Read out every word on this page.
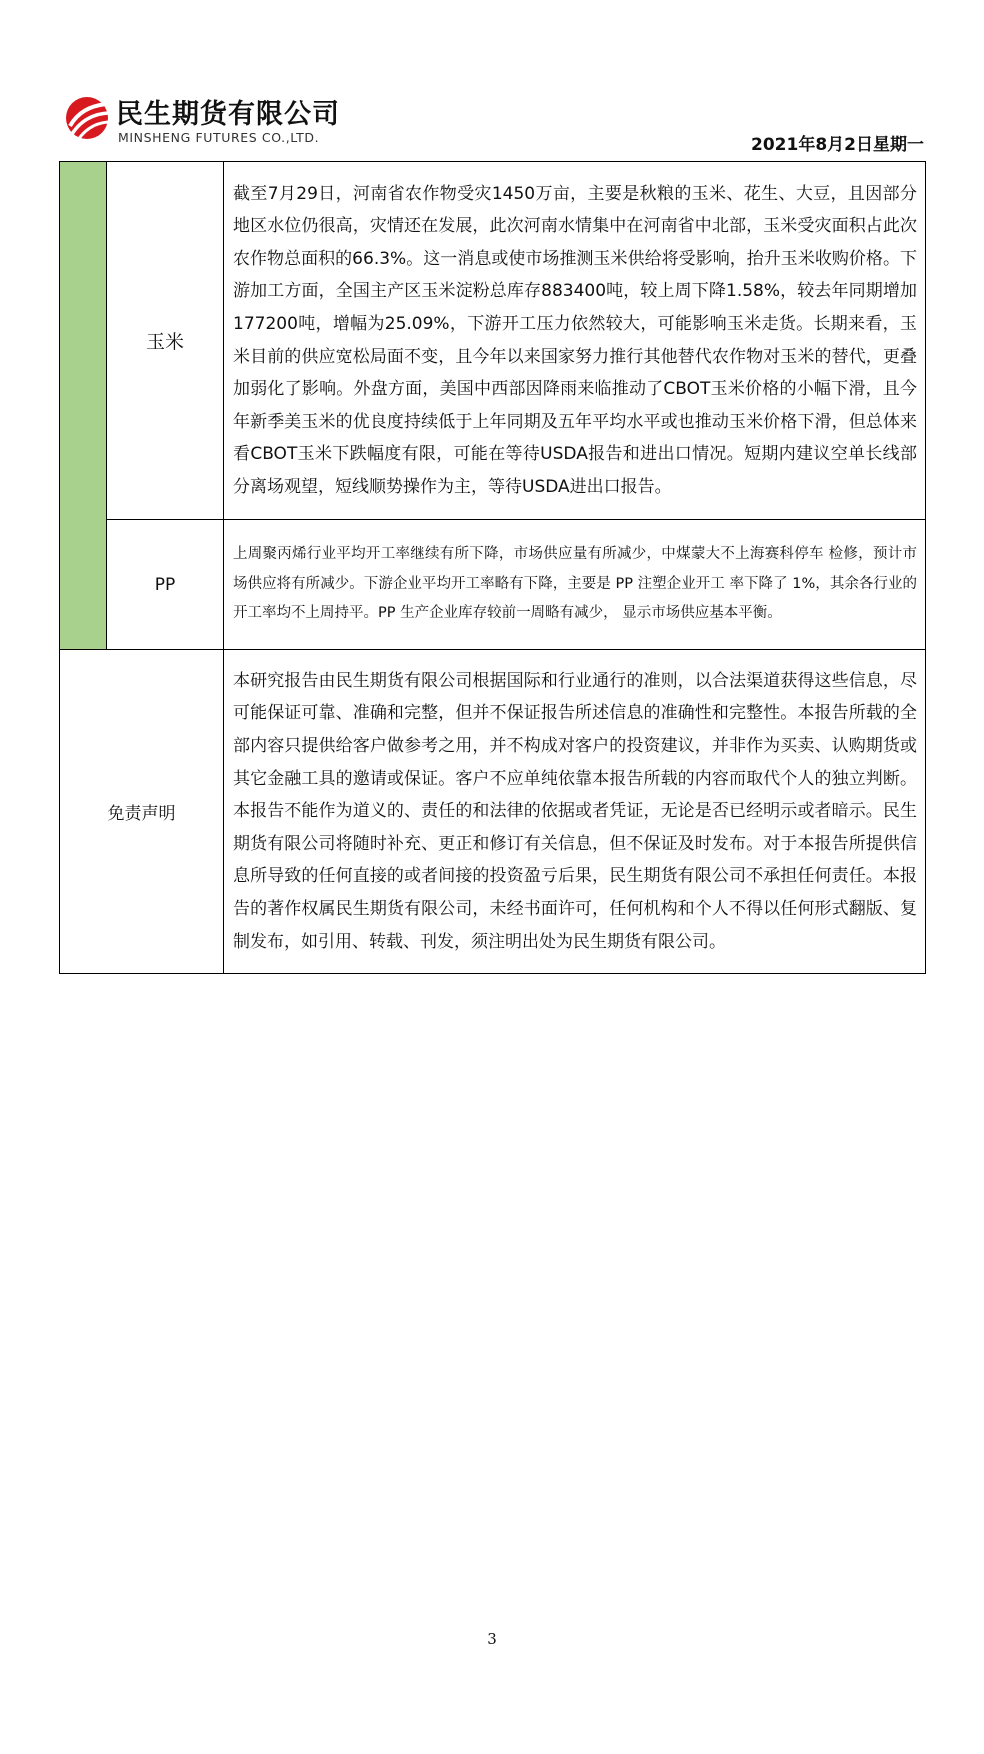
民生期货有限公司
MINSHENG FUTURES CO.,LTD.	2021年8月2日星期一
	玉米	截至7月29日，河南省农作物受灾1450万亩，主要是秋粮的玉米、花生、大豆，且因部分地区水位仍很高，灾情还在发展，此次河南水情集中在河南省中北部，玉米受灾面积占此次农作物总面积的66.3%。这一消息或使市场推测玉米供给将受影响，抬升玉米收购价格。下游加工方面，全国主产区玉米淀粉总库存883400吨，较上周下降1.58%，较去年同期增加177200吨，增幅为25.09%，下游开工压力依然较大，可能影响玉米走货。长期来看，玉米目前的供应宽松局面不变，且今年以来国家努力推行其他替代农作物对玉米的替代，更叠加弱化了影响。外盘方面，美国中西部因降雨来临推动了CBOT玉米价格的小幅下滑，且今年新季美玉米的优良度持续低于上年同期及五年平均水平或也推动玉米价格下滑，但总体来看CBOT玉米下跌幅度有限，可能在等待USDA报告和进出口情况。短期内建议空单长线部分离场观望，短线顺势操作为主，等待USDA进出口报告。
	PP	上周聚丙烯行业平均开工率继续有所下降，市场供应量有所减少，中煤蒙大不上海赛科停车 检修，预计市场供应将有所减少。下游企业平均开工率略有下降，主要是 PP 注塑企业开工 率下降了 1%，其余各行业的开工率均不上周持平。PP 生产企业库存较前一周略有减少， 显示市场供应基本平衡。
免责声明		本研究报告由民生期货有限公司根据国际和行业通行的准则，以合法渠道获得这些信息，尽可能保证可靠、准确和完整，但并不保证报告所述信息的准确性和完整性。本报告所载的全部内容只提供给客户做参考之用，并不构成对客户的投资建议，并非作为买卖、认购期货或其它金融工具的邀请或保证。客户不应单纯依靠本报告所载的内容而取代个人的独立判断。本报告不能作为道义的、责任的和法律的依据或者凭证，无论是否已经明示或者暗示。民生期货有限公司将随时补充、更正和修订有关信息，但不保证及时发布。对于本报告所提供信息所导致的任何直接的或者间接的投资盈亏后果，民生期货有限公司不承担任何责任。本报告的著作权属民生期货有限公司，未经书面许可，任何机构和个人不得以任何形式翻版、复制发布，如引用、转载、刊发，须注明出处为民生期货有限公司。
3
